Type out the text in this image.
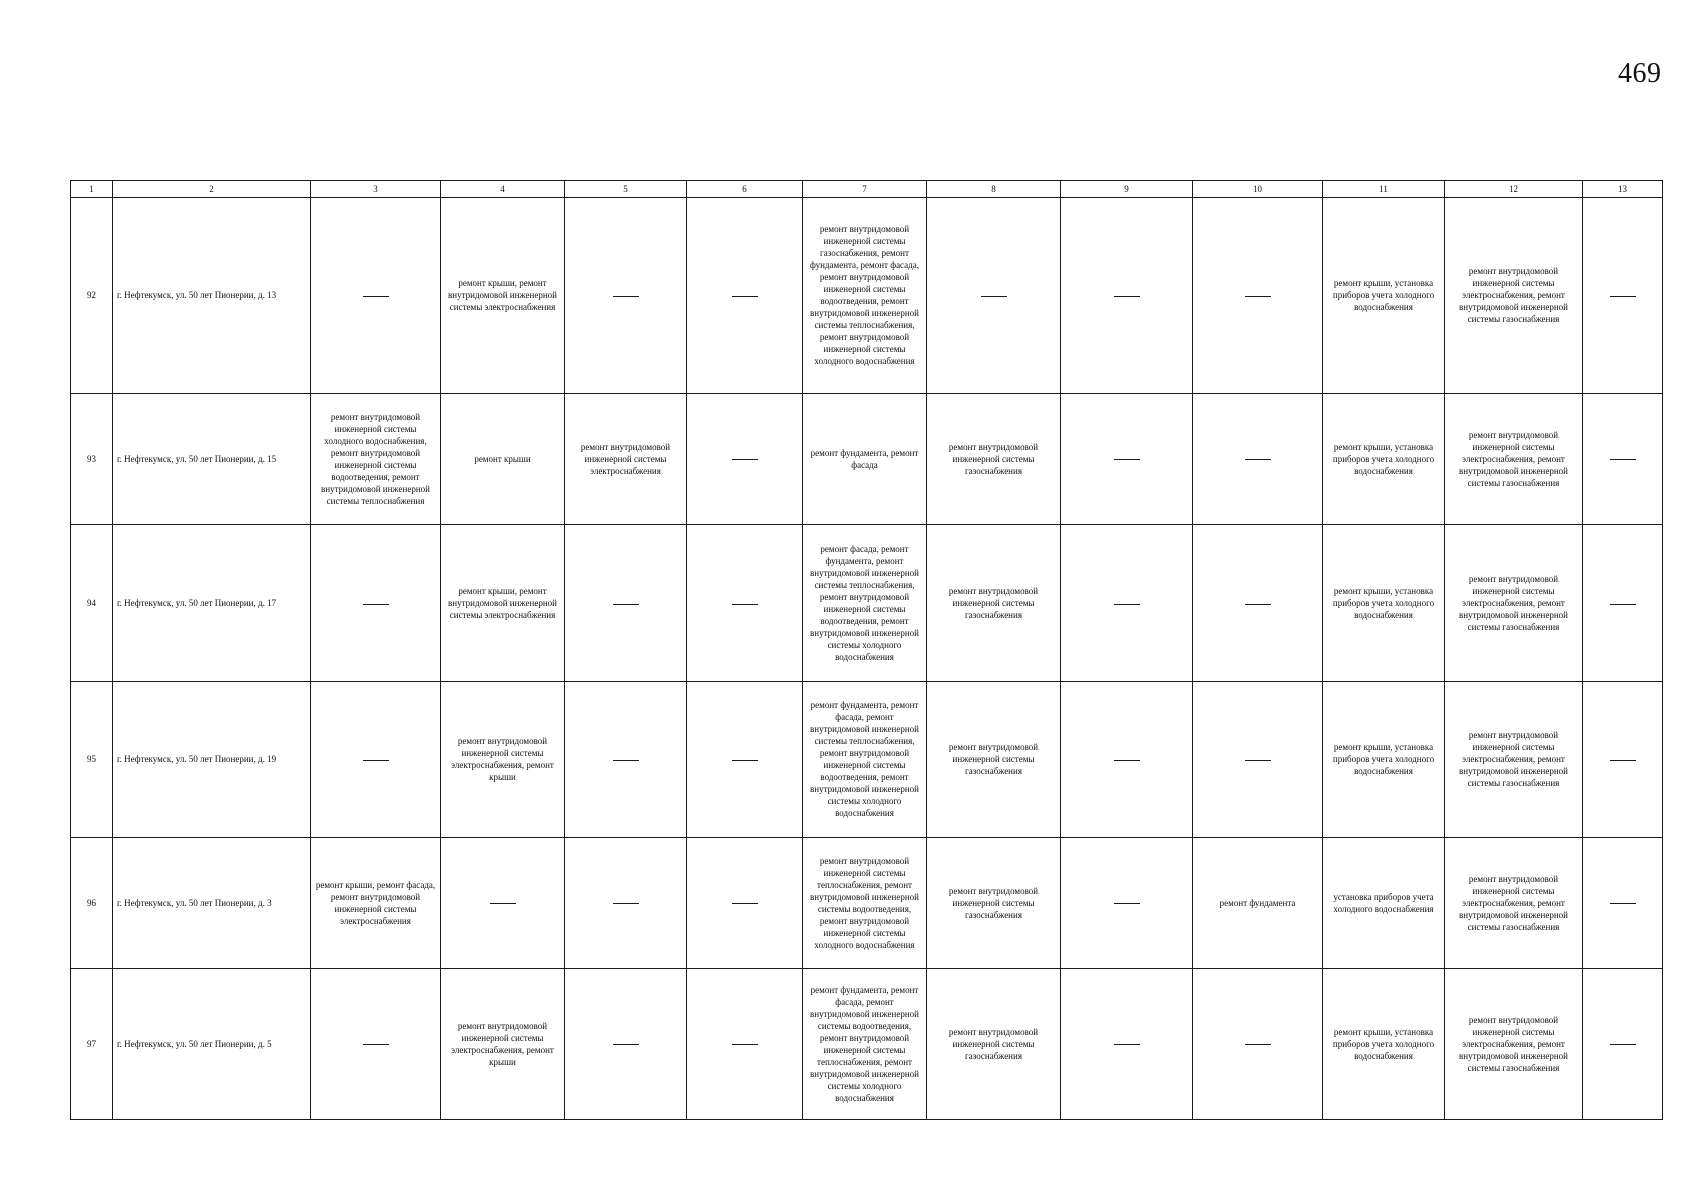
469
1	2	3	4	5	6	7	8	9	10	11	12	13

92	г. Нефтекумск, ул. 50 лет Пионерии, д. 13		ремонт крыши, ремонт внутридомовой инженерной системы электроснабжения			ремонт внутридомовой инженерной системы газоснабжения, ремонт фундамента, ремонт фасада, ремонт внутридомовой инженерной системы водоотведения, ремонт внутридомовой инженерной системы теплоснабжения, ремонт внутридомовой инженерной системы холодного водоснабжения				ремонт крыши, установка приборов учета холодного водоснабжения	ремонт внутридомовой инженерной системы электроснабжения, ремонт внутридомовой инженерной системы газоснабжения	

93	г. Нефтекумск, ул. 50 лет Пионерии, д. 15	ремонт внутридомовой инженерной системы холодного водоснабжения, ремонт внутридомовой инженерной системы водоотведения, ремонт внутридомовой инженерной системы теплоснабжения	ремонт крыши	ремонт внутридомовой инженерной системы электроснабжения		ремонт фундамента, ремонт фасада	ремонт внутридомовой инженерной системы газоснабжения			ремонт крыши, установка приборов учета холодного водоснабжения	ремонт внутридомовой инженерной системы электроснабжения, ремонт внутридомовой инженерной системы газоснабжения	

94	г. Нефтекумск, ул. 50 лет Пионерии, д. 17		ремонт крыши, ремонт внутридомовой инженерной системы электроснабжения			ремонт фасада, ремонт фундамента, ремонт внутридомовой инженерной системы теплоснабжения, ремонт внутридомовой инженерной системы водоотведения, ремонт внутридомовой инженерной системы холодного водоснабжения	ремонт внутридомовой инженерной системы газоснабжения			ремонт крыши, установка приборов учета холодного водоснабжения	ремонт внутридомовой инженерной системы электроснабжения, ремонт внутридомовой инженерной системы газоснабжения	

95	г. Нефтекумск, ул. 50 лет Пионерии, д. 19		ремонт внутридомовой инженерной системы электроснабжения, ремонт крыши			ремонт фундамента, ремонт фасада, ремонт внутридомовой инженерной системы теплоснабжения, ремонт внутридомовой инженерной системы водоотведения, ремонт внутридомовой инженерной системы холодного водоснабжения	ремонт внутридомовой инженерной системы газоснабжения			ремонт крыши, установка приборов учета холодного водоснабжения	ремонт внутридомовой инженерной системы электроснабжения, ремонт внутридомовой инженерной системы газоснабжения	

96	г. Нефтекумск, ул. 50 лет Пионерии, д. 3	ремонт крыши, ремонт фасада, ремонт внутридомовой инженерной системы электроснабжения				ремонт внутридомовой инженерной системы теплоснабжения, ремонт внутридомовой инженерной системы водоотведения, ремонт внутридомовой инженерной системы холодного водоснабжения	ремонт внутридомовой инженерной системы газоснабжения		ремонт фундамента	установка приборов учета холодного водоснабжения	ремонт внутридомовой инженерной системы электроснабжения, ремонт внутридомовой инженерной системы газоснабжения	

97	г. Нефтекумск, ул. 50 лет Пионерии, д. 5		ремонт внутридомовой инженерной системы электроснабжения, ремонт крыши			ремонт фундамента, ремонт фасада, ремонт внутридомовой инженерной системы водоотведения, ремонт внутридомовой инженерной системы теплоснабжения, ремонт внутридомовой инженерной системы холодного водоснабжения	ремонт внутридомовой инженерной системы газоснабжения			ремонт крыши, установка приборов учета холодного водоснабжения	ремонт внутридомовой инженерной системы электроснабжения, ремонт внутридомовой инженерной системы газоснабжения	
